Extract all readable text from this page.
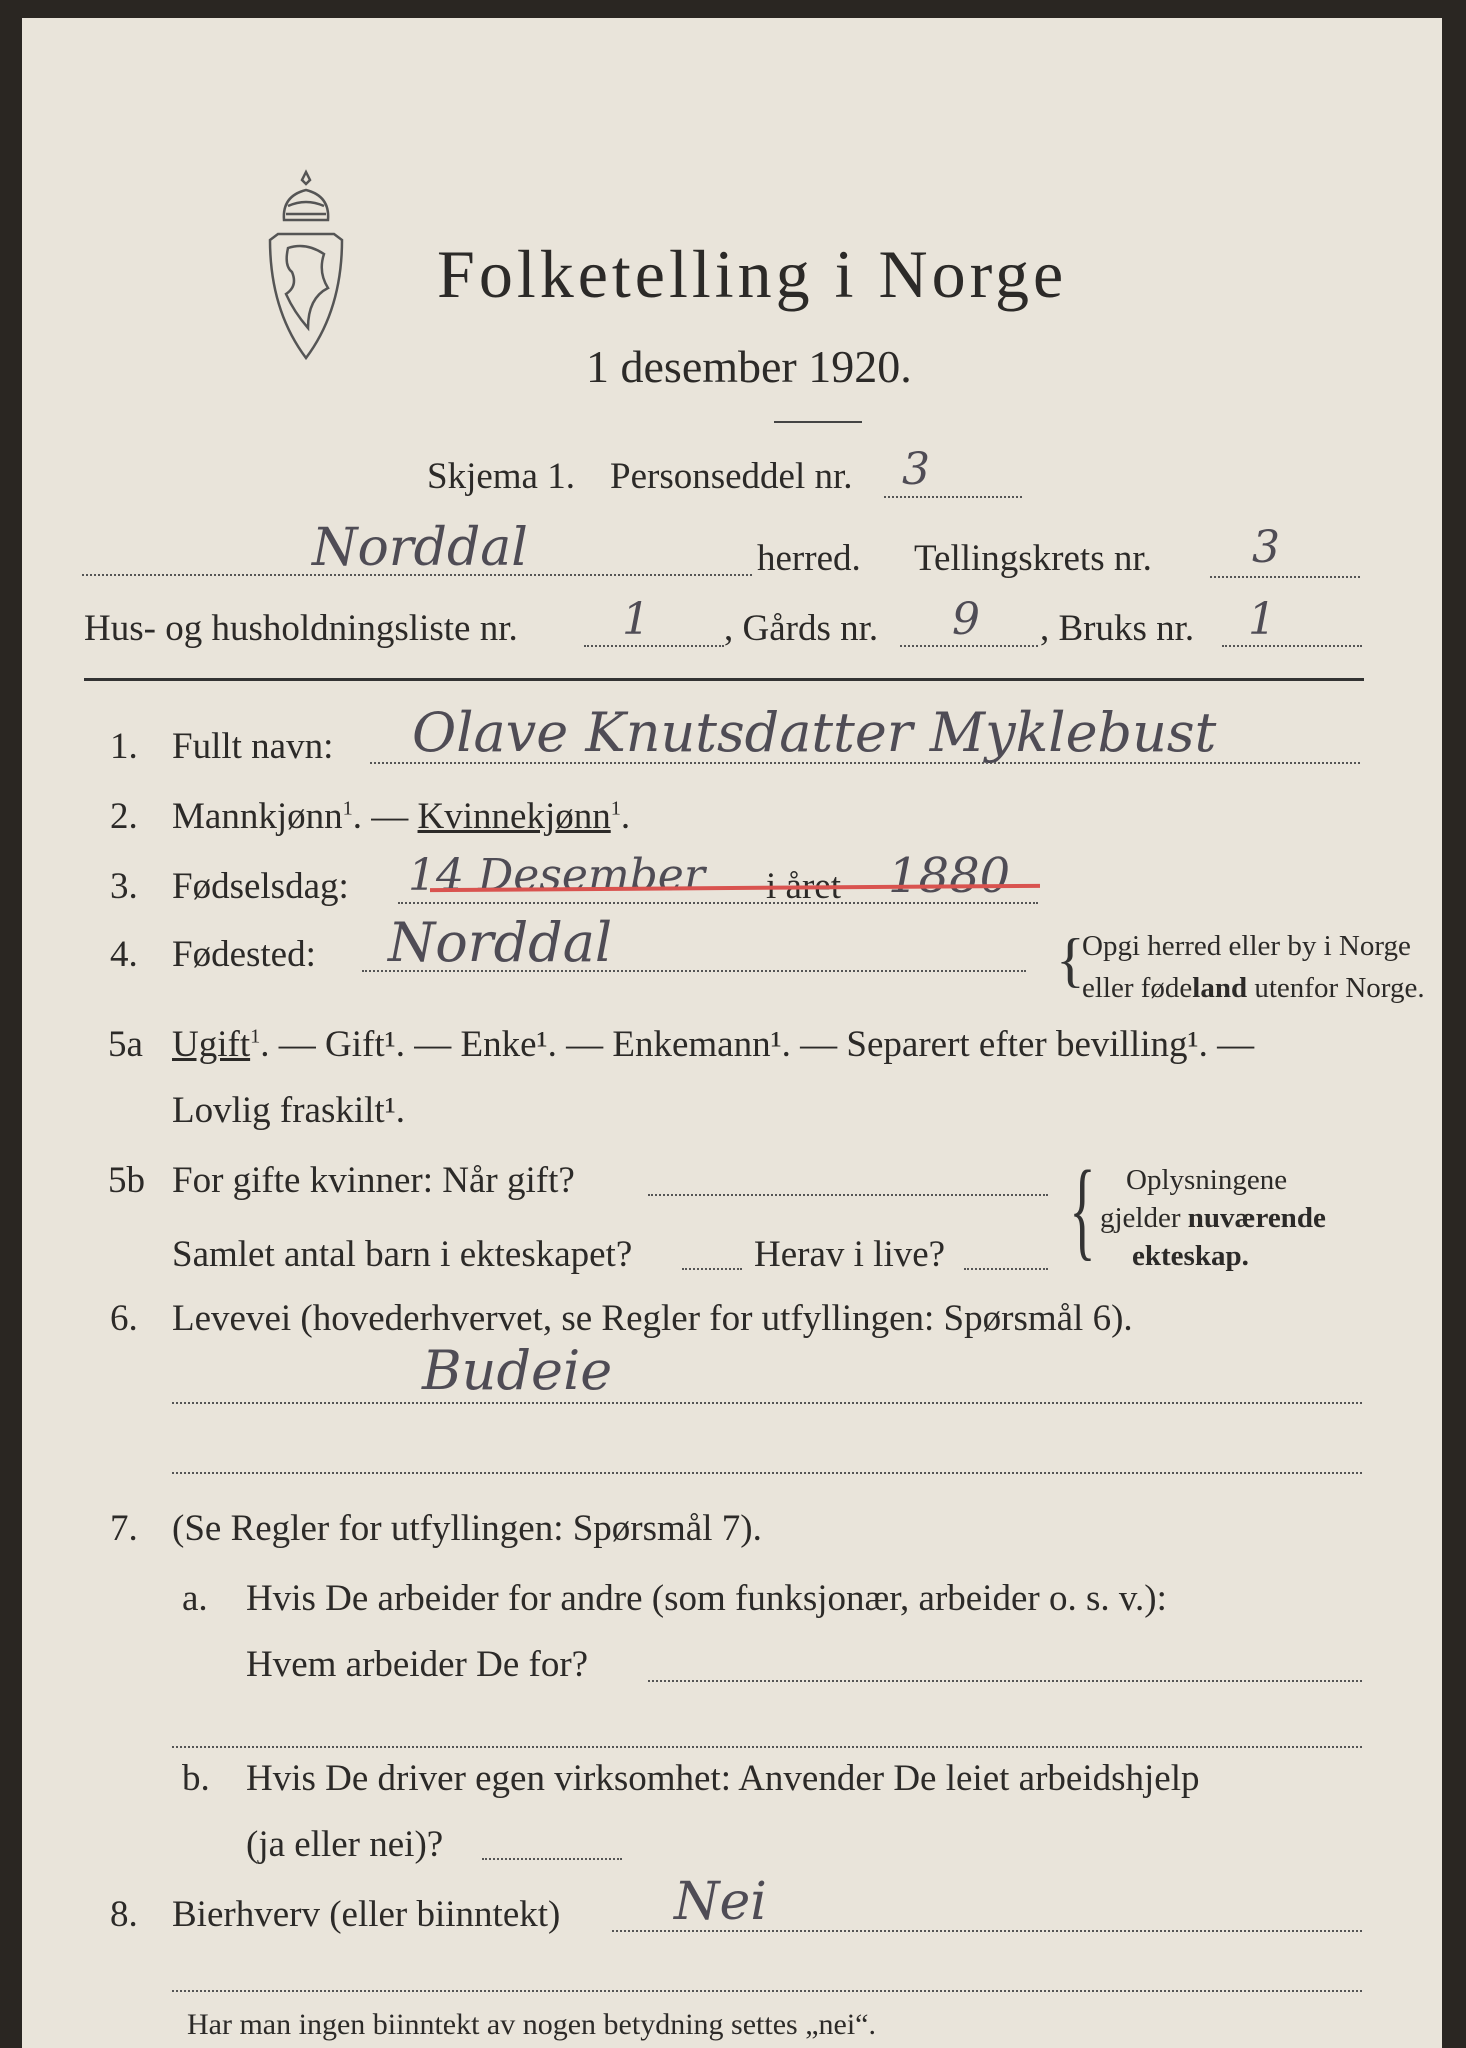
Folketelling i Norge
1 desember 1920.
Skjema 1. Personseddel nr. 3
Norddal	herred. Tellingskrets nr. 3
Hus- og husholdningsliste nr. 1 , Gårds nr. 9 , Bruks nr. 1
1. Fullt navn: Olave Knutsdatter Myklebust
2. Mannkjønn$^1$. — Kvinnekjønn$^1$.
3. Fødselsdag: 14 Desember i året 1880
4. Fødested: Norddal	{
Opgi herred eller by i Norge
eller fødeland utenfor Norge.
5a Ugift$^1$. — Gift¹. — Enke¹. — Enkemann¹. — Separert efter bevilling¹. —
Lovlig fraskilt¹.
5b For gifte kvinner: Når gift?
Samlet antal barn i ekteskapet?	Herav i live? { Oplysningene
gjelder nuværende
ekteskap.
6. Levevei (hovederhvervet, se Regler for utfyllingen: Spørsmål 6).
Budeie
7. (Se Regler for utfyllingen: Spørsmål 7).
a. Hvis De arbeider for andre (som funksjonær, arbeider o. s. v.):
Hvem arbeider De for?
b. Hvis De driver egen virksomhet: Anvender De leiet arbeidshjelp
(ja eller nei)?
8. Bierhverv (eller biinntekt) Nei
Har man ingen biinntekt av nogen betydning settes „nei“.
